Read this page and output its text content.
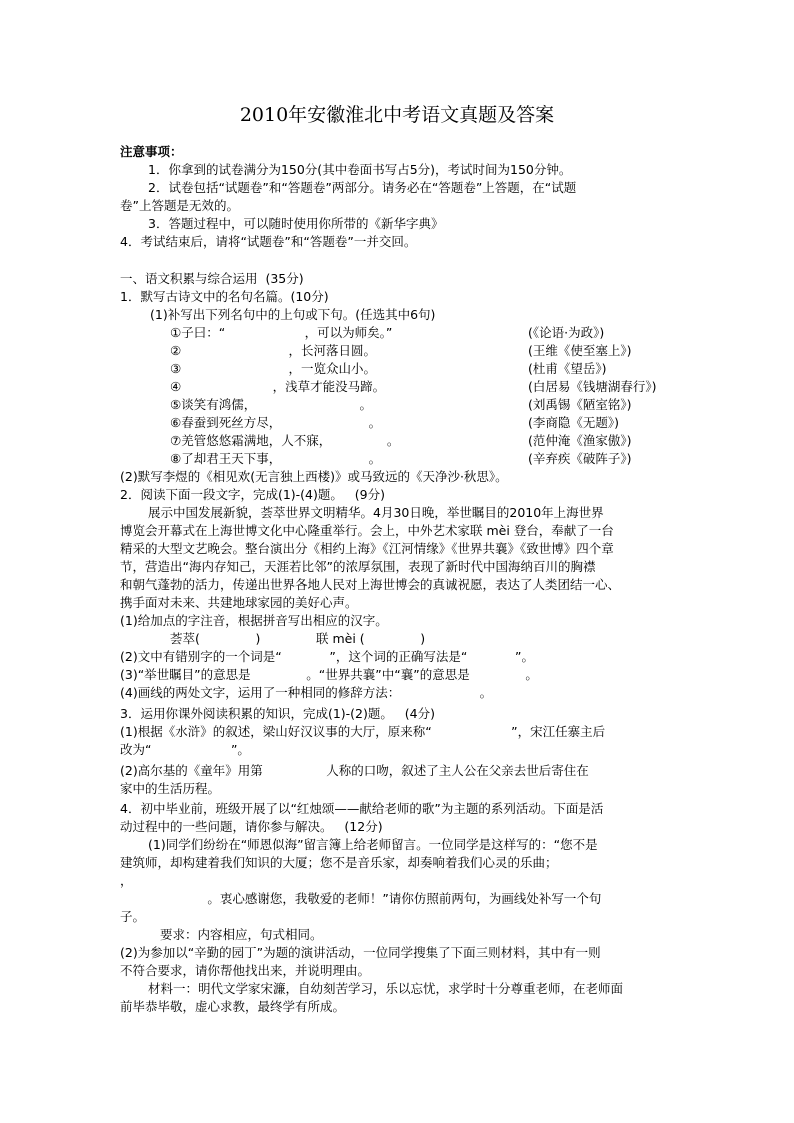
2010年安徽淮北中考语文真题及答案
注意事项：
1．你拿到的试卷满分为150分(其中卷面书写占5分)，考试时间为150分钟。
2．试卷包括“试题卷”和“答题卷”两部分。请务必在“答题卷”上答题，在“试题
卷”上答题是无效的。
3．答题过程中，可以随时使用你所带的《新华字典》
4．考试结束后，请将“试题卷”和“答题卷”一并交回。
一、语文积累与综合运用  (35分)
1．默写古诗文中的名句名篇。(10分)
(1)补写出下列名句中的上句或下句。(任选其中6句)
①子曰：“                    ，可以为师矣。”	(《论语·为政》)
②                           ，长河落日圆。	(王维《使至塞上》)
③                           ，一览众山小。	(杜甫《望岳》)
④                       ，浅草才能没马蹄。	(白居易《钱塘湖春行》)
⑤谈笑有鸿儒，                          。	(刘禹锡《陋室铭》)
⑥春蚕到死丝方尽，                      。	(李商隐《无题》)
⑦羌管悠悠霜满地，人不寐，              。	(范仲淹《渔家傲》)
⑧了却君王天下事，                      。	(辛弃疾《破阵子》)
(2)默写李煜的《相见欢(无言独上西楼)》或马致远的《天净沙·秋思》。
2．阅读下面一段文字，完成(1)-(4)题。   (9分)
展示中国发展新貌，荟萃世界文明精华。4月30日晚，举世瞩目的2010年上海世界
博览会开幕式在上海世博文化中心隆重举行。会上，中外艺术家联 mèi 登台，奉献了一台
精采的大型文艺晚会。整台演出分《相约上海》《江河情缘》《世界共襄》《致世博》四个章
节，营造出“海内存知己，天涯若比邻”的浓厚氛围，表现了新时代中国海纳百川的胸襟
和朝气蓬勃的活力，传递出世界各地人民对上海世博会的真诚祝愿，表达了人类团结一心、
携手面对未来、共建地球家园的美好心声。
(1)给加点的字注音，根据拼音写出相应的汉字。
荟萃(              )              联 mèi (              )
(2)文中有错别字的一个词是“            ”，这个词的正确写法是“            ”。
(3)“举世瞩目”的意思是              。“世界共襄”中“襄”的意思是              。
(4)画线的两处文字，运用了一种相同的修辞方法：                    。
3．运用你课外阅读积累的知识，完成(1)-(2)题。   (4分)
(1)根据《水浒》的叙述，梁山好汉议事的大厅，原来称“                    ”，宋江任寨主后
改为“                    ”。
(2)高尔基的《童年》用第                人称的口吻，叙述了主人公在父亲去世后寄住在
家中的生活历程。
4．初中毕业前，班级开展了以“红烛颂——献给老师的歌”为主题的系列活动。下面是活
动过程中的一些问题，请你参与解决。   (12分)
(1)同学们纷纷在“师恩似海”留言簿上给老师留言。一位同学是这样写的：“您不是
建筑师，却构建着我们知识的大厦；您不是音乐家，却奏响着我们心灵的乐曲；
，
。衷心感谢您，我敬爱的老师！”请你仿照前两句，为画线处补写一个句
子。
要求：内容相应，句式相同。
(2)为参加以“辛勤的园丁”为题的演讲活动，一位同学搜集了下面三则材料，其中有一则
不符合要求，请你帮他找出来，并说明理由。
材料一：明代文学家宋濂，自幼刻苦学习，乐以忘忧，求学时十分尊重老师，在老师面
前毕恭毕敬，虚心求教，最终学有所成。
